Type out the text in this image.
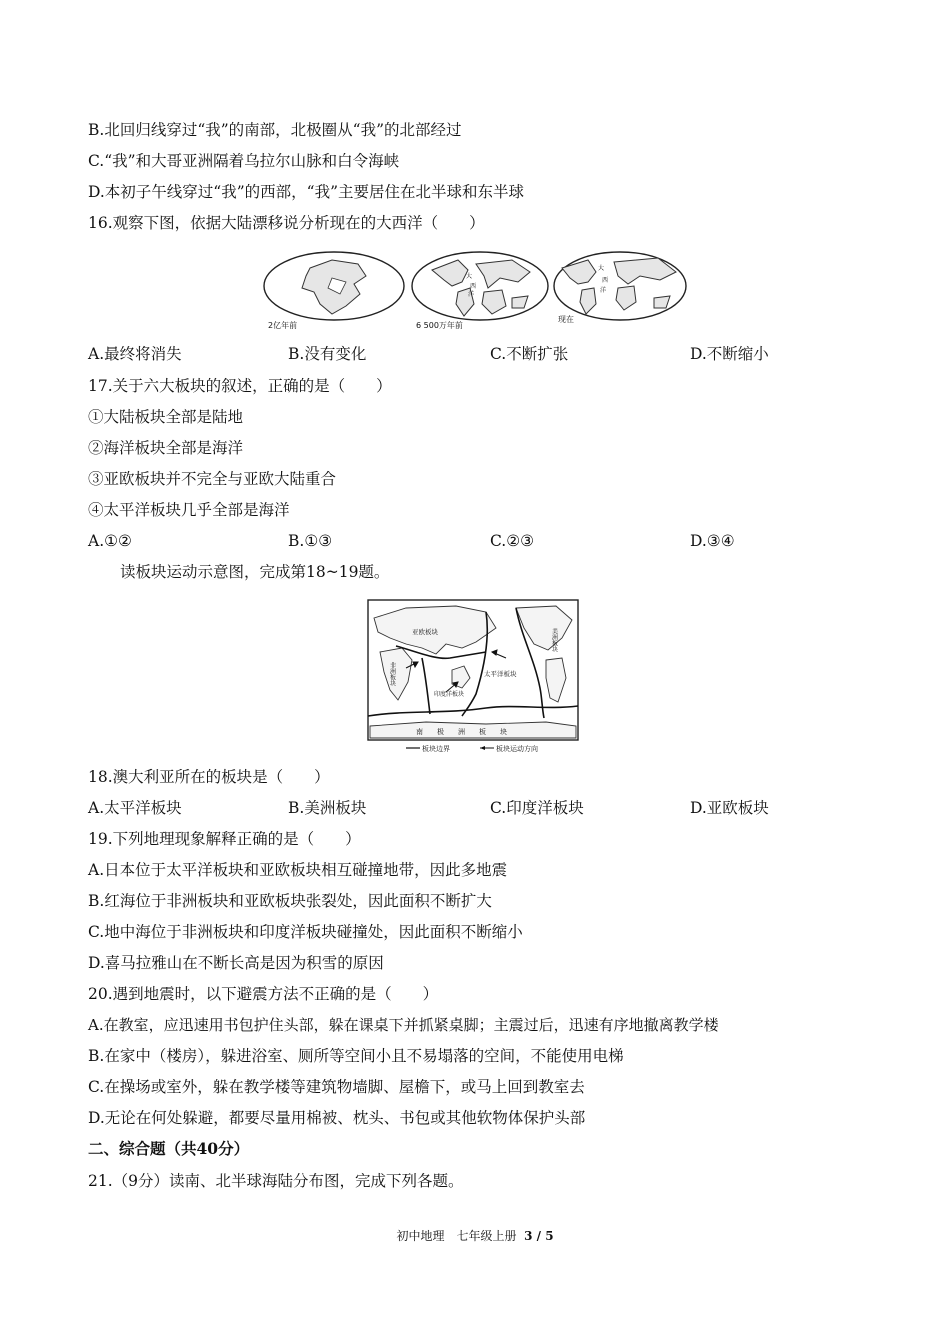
B.北回归线穿过“我”的南部，北极圈从“我”的北部经过
C.“我”和大哥亚洲隔着乌拉尔山脉和白令海峡
D.本初子午线穿过“我”的西部，“我”主要居住在北半球和东半球
16.观察下图，依据大陆漂移说分析现在的大西洋（　　）
2亿年前
大
西
洋
6 500万年前
大
西
洋
现在
A.最终将消失	B.没有变化	C.不断扩张	D.不断缩小
17.关于六大板块的叙述，正确的是（　　）
①大陆板块全部是陆地
②海洋板块全部是海洋
③亚欧板块并不完全与亚欧大陆重合
④太平洋板块几乎全部是海洋
A.①②	B.①③	C.②③	D.③④
读板块运动示意图，完成第18~19题。
亚欧板块
非洲板块
印度洋板块
太平洋板块
美洲板块
南极洲板块
板块边界	板块运动方向
18.澳大利亚所在的板块是（　　）
A.太平洋板块	B.美洲板块	C.印度洋板块	D.亚欧板块
19.下列地理现象解释正确的是（　　）
A.日本位于太平洋板块和亚欧板块相互碰撞地带，因此多地震
B.红海位于非洲板块和亚欧板块张裂处，因此面积不断扩大
C.地中海位于非洲板块和印度洋板块碰撞处，因此面积不断缩小
D.喜马拉雅山在不断长高是因为积雪的原因
20.遇到地震时，以下避震方法不正确的是（　　）
A.在教室，应迅速用书包护住头部，躲在课桌下并抓紧桌脚；主震过后，迅速有序地撤离教学楼
B.在家中（楼房），躲进浴室、厕所等空间小且不易塌落的空间，不能使用电梯
C.在操场或室外，躲在教学楼等建筑物墙脚、屋檐下，或马上回到教室去
D.无论在何处躲避，都要尽量用棉被、枕头、书包或其他软物体保护头部
二、综合题（共40分）
21.（9分）读南、北半球海陆分布图，完成下列各题。
初中地理　七年级上册 3 / 5
